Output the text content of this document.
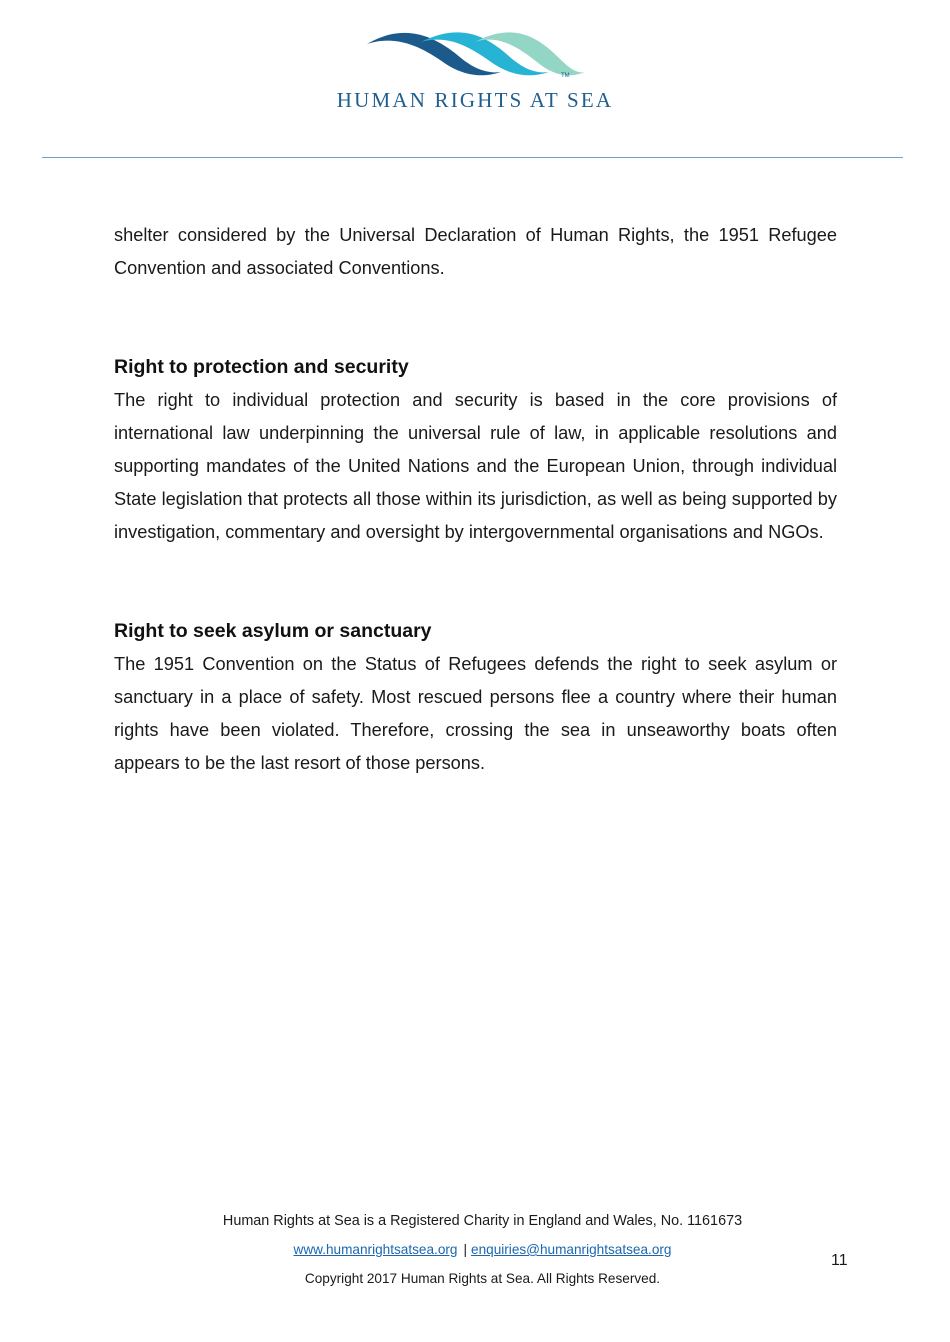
TM
HUMAN RIGHTS AT SEA

shelter considered by the Universal Declaration of Human Rights, the 1951 Refugee Convention and associated Conventions.

Right to protection and security

The right to individual protection and security is based in the core provisions of international law underpinning the universal rule of law, in applicable resolutions and supporting mandates of the United Nations and the European Union, through individual State legislation that protects all those within its jurisdiction, as well as being supported by investigation, commentary and oversight by intergovernmental organisations and NGOs.

Right to seek asylum or sanctuary

The 1951 Convention on the Status of Refugees defends the right to seek asylum or sanctuary in a place of safety. Most rescued persons flee a country where their human rights have been violated. Therefore, crossing the sea in unseaworthy boats often appears to be the last resort of those persons.

Human Rights at Sea is a Registered Charity in England and Wales, No. 1161673
www.humanrightsatsea.org | enquiries@humanrightsatsea.org
Copyright 2017 Human Rights at Sea. All Rights Reserved.
11
